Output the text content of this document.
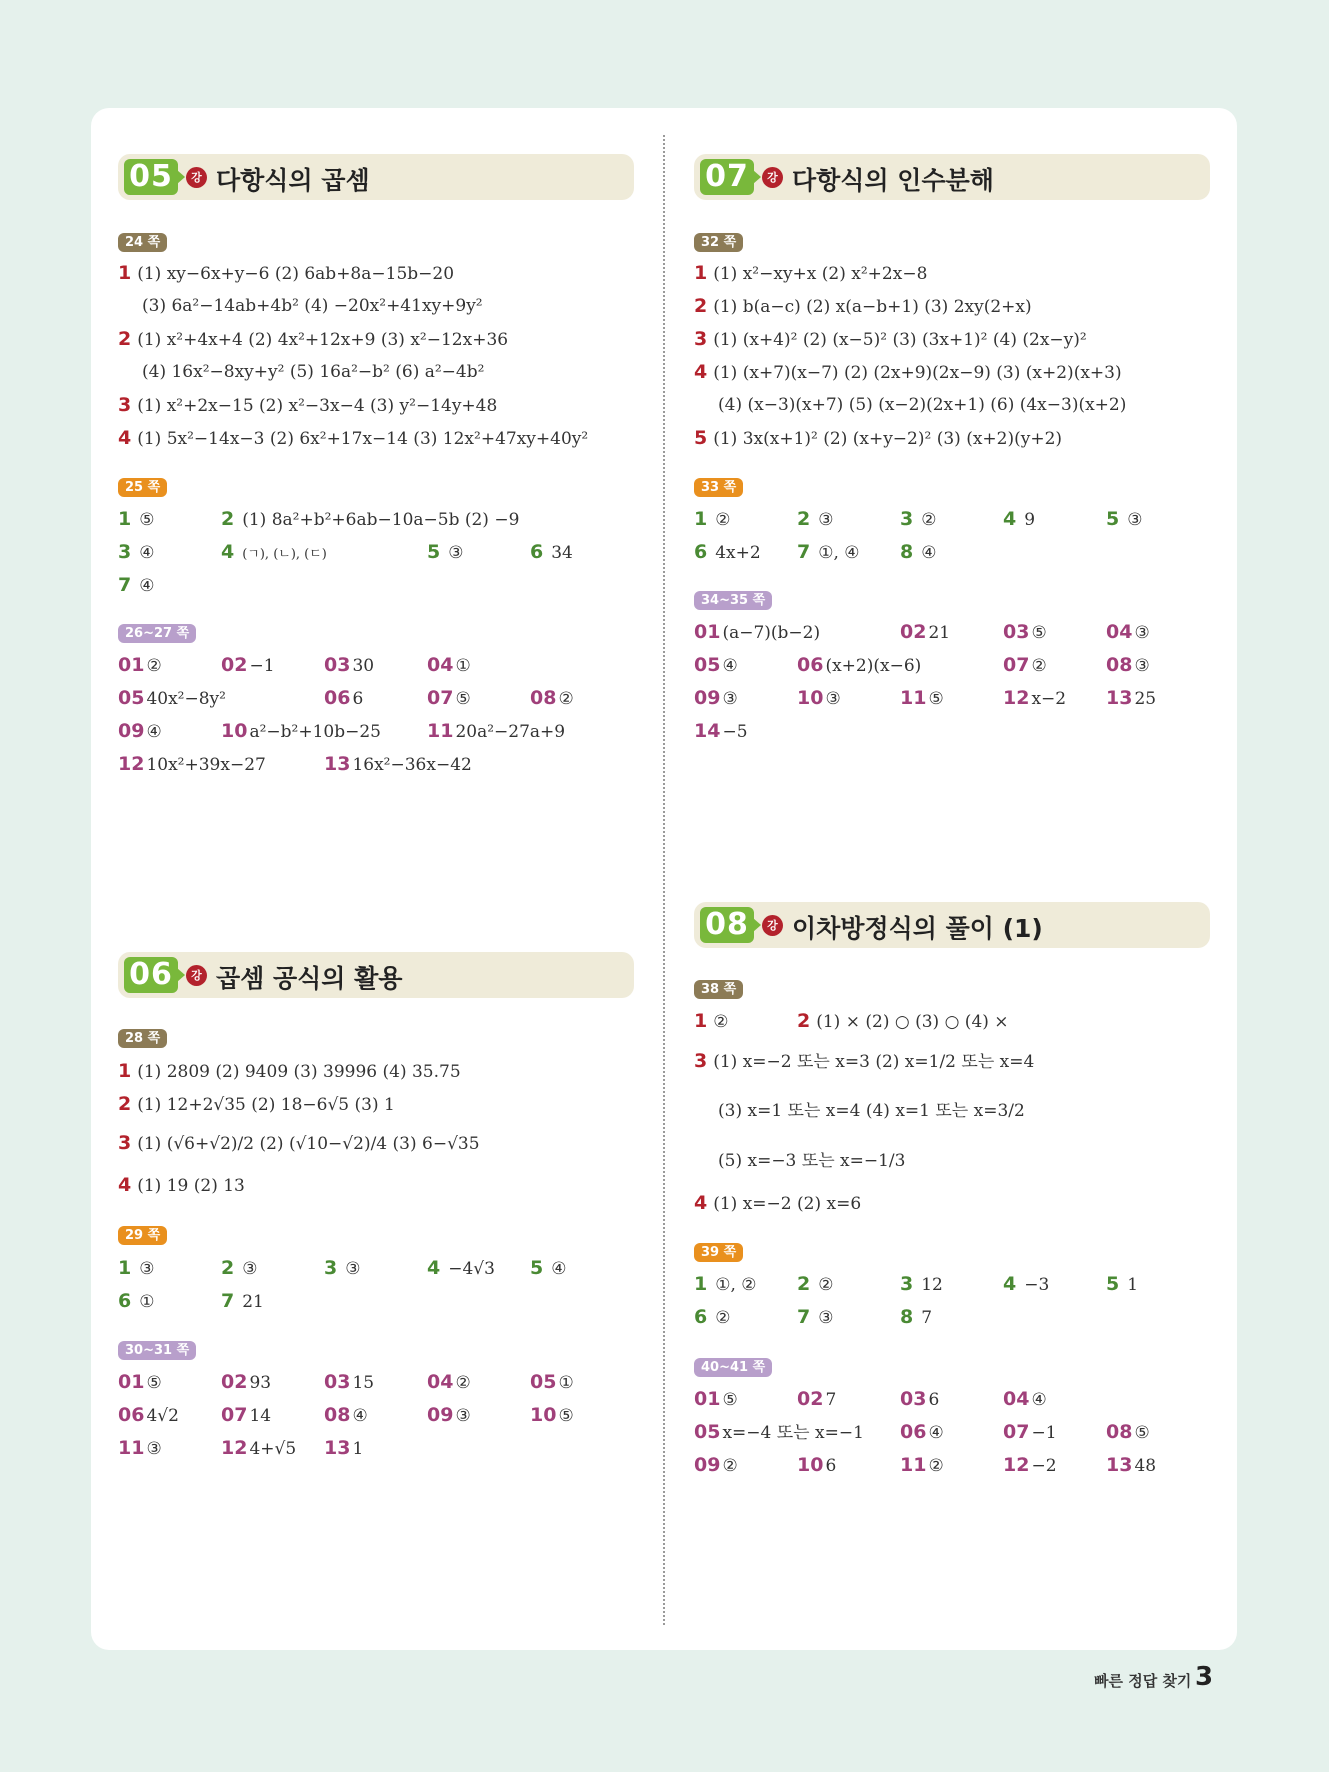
05	강 다항식의 곱셈
24 쪽
1 (1) xy−6x+y−6 (2) 6ab+8a−15b−20
(3) 6a²−14ab+4b² (4) −20x²+41xy+9y²
2 (1) x²+4x+4 (2) 4x²+12x+9 (3) x²−12x+36
(4) 16x²−8xy+y² (5) 16a²−b² (6) a²−4b²
3 (1) x²+2x−15 (2) x²−3x−4 (3) y²−14y+48
4 (1) 5x²−14x−3 (2) 6x²+17x−14 (3) 12x²+47xy+40y²
25 쪽
1 ⑤	2 (1) 8a²+b²+6ab−10a−5b (2) −9
3 ④	4 (ㄱ), (ㄴ), (ㄷ)	5 ③	6 34
7 ④
26~27 쪽
01 ②	02 −1	03 30	04 ①
05 40x²−8y²	06 6	07 ⑤	08 ②
09 ④	10 a²−b²+10b−25 11 20a²−27a+9
12 10x²+39x−27	13 16x²−36x−42
06	강 곱셈 공식의 활용
28 쪽
1 (1) 2809 (2) 9409 (3) 39996 (4) 35.75
2 (1) 12+2√35 (2) 18−6√5 (3) 1
3 (1) (√6+√2)/2 (2) (√10−√2)/4 (3) 6−√35
4 (1) 19 (2) 13
29 쪽
1 ③	2 ③	3 ③	4 −4√3 5 ④
6 ①	7 21
30~31 쪽
01 ⑤	02 93	03 15	04 ②	05 ①
06 4√2 07 14	08 ④	09 ③	10 ⑤
11 ③	12 4+√5 13 1
07	강 다항식의 인수분해
32 쪽
1 (1) x²−xy+x (2) x²+2x−8
2 (1) b(a−c) (2) x(a−b+1) (3) 2xy(2+x)
3 (1) (x+4)² (2) (x−5)² (3) (3x+1)² (4) (2x−y)²
4 (1) (x+7)(x−7) (2) (2x+9)(2x−9) (3) (x+2)(x+3)
(4) (x−3)(x+7) (5) (x−2)(2x+1) (6) (4x−3)(x+2)
5 (1) 3x(x+1)² (2) (x+y−2)² (3) (x+2)(y+2)
33 쪽
1 ②	2 ③	3 ②	4 9	5 ③
6 4x+2 7 ①, ④ 8 ④
34~35 쪽
01 (a−7)(b−2)	02 21	03 ⑤	04 ③
05 ④	06 (x+2)(x−6)	07 ②	08 ③
09 ③	10 ③	11 ⑤	12 x−2 13 25
14 −5
08	강 이차방정식의 풀이 (1)
38 쪽
1 ②	2 (1) × (2) ○ (3) ○ (4) ×
3 (1) x=−2 또는 x=3 (2) x=1/2 또는 x=4
(3) x=1 또는 x=4 (4) x=1 또는 x=3/2
(5) x=−3 또는 x=−1/3
4 (1) x=−2 (2) x=6
39 쪽
1 ①, ② 2 ②	3 12	4 −3	5 1
6 ②	7 ③	8 7
40~41 쪽
01 ⑤	02 7	03 6	04 ④
05 x=−4 또는 x=−1 06 ④	07 −1	08 ⑤
09 ②	10 6	11 ②	12 −2	13 48
빠른 정답 찾기 3
